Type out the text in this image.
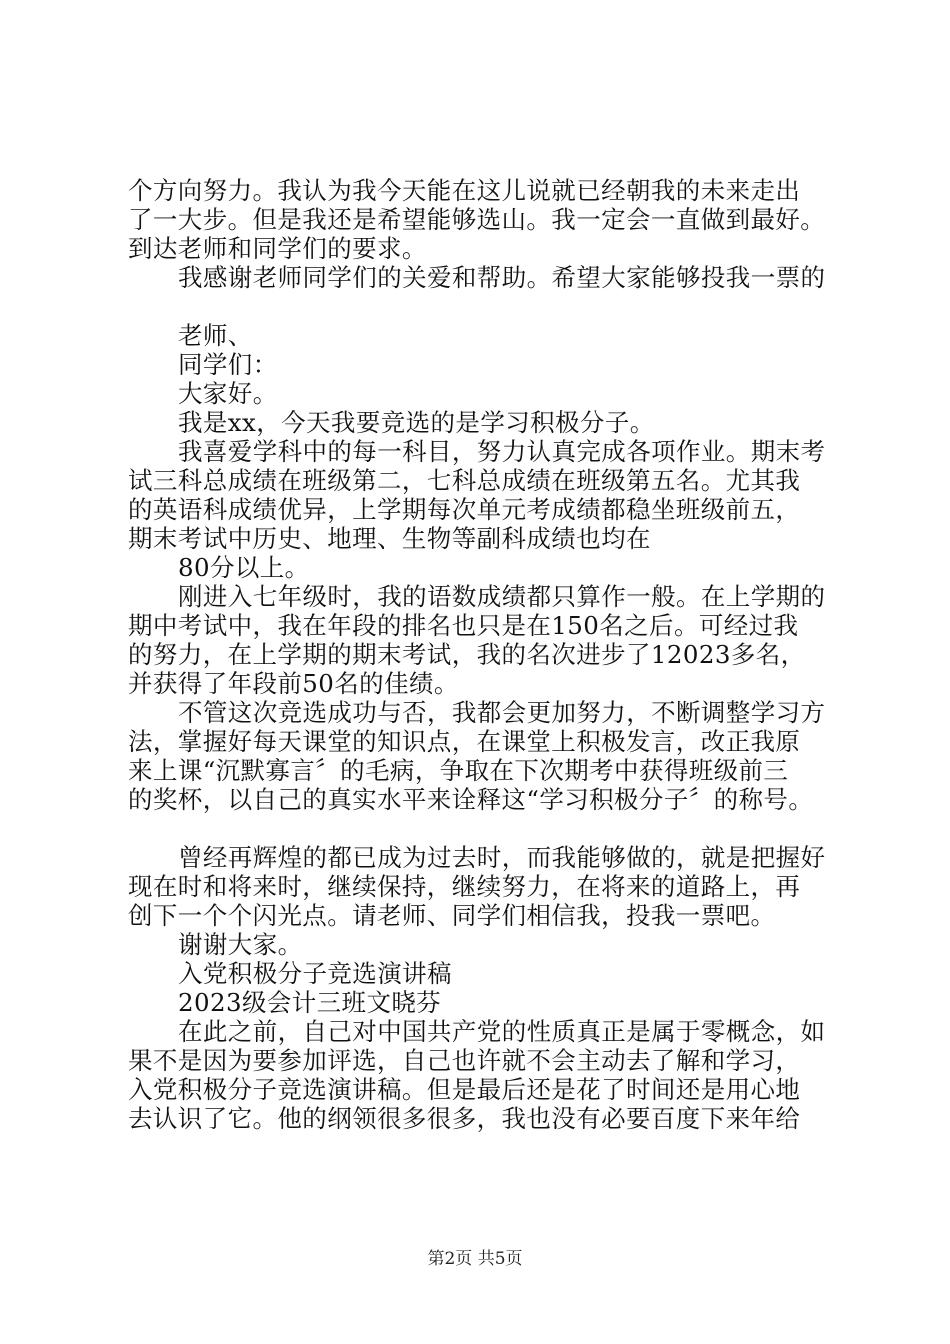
个方向努力。我认为我今天能在这儿说就已经朝我的未来走出
了一大步。但是我还是希望能够选山。我一定会一直做到最好。
到达老师和同学们的要求。
我感谢老师同学们的关爱和帮助。希望大家能够投我一票的
老师、
同学们：
大家好。
我是xx，今天我要竞选的是学习积极分子。
我喜爱学科中的每一科目，努力认真完成各项作业。期末考
试三科总成绩在班级第二，七科总成绩在班级第五名。尤其我
的英语科成绩优异，上学期每次单元考成绩都稳坐班级前五，
期末考试中历史、地理、生物等副科成绩也均在
80分以上。
刚进入七年级时，我的语数成绩都只算作一般。在上学期的
期中考试中，我在年段的排名也只是在150名之后。可经过我
的努力，在上学期的期末考试，我的名次进步了12023多名，
并获得了年段前50名的佳绩。
不管这次竞选成功与否，我都会更加努力，不断调整学习方
法，掌握好每天课堂的知识点，在课堂上积极发言，改正我原
来上课“沉默寡言〞的毛病，争取在下次期考中获得班级前三
的奖杯，以自己的真实水平来诠释这“学习积极分子〞的称号。
曾经再辉煌的都已成为过去时，而我能够做的，就是把握好
现在时和将来时，继续保持，继续努力，在将来的道路上，再
创下一个个闪光点。请老师、同学们相信我，投我一票吧。
谢谢大家。
入党积极分子竞选演讲稿
2023级会计三班文晓芬
在此之前，自己对中国共产党的性质真正是属于零概念，如
果不是因为要参加评选，自己也许就不会主动去了解和学习，
入党积极分子竞选演讲稿。但是最后还是花了时间还是用心地
去认识了它。他的纲领很多很多，我也没有必要百度下来年给
第2页 共5页
